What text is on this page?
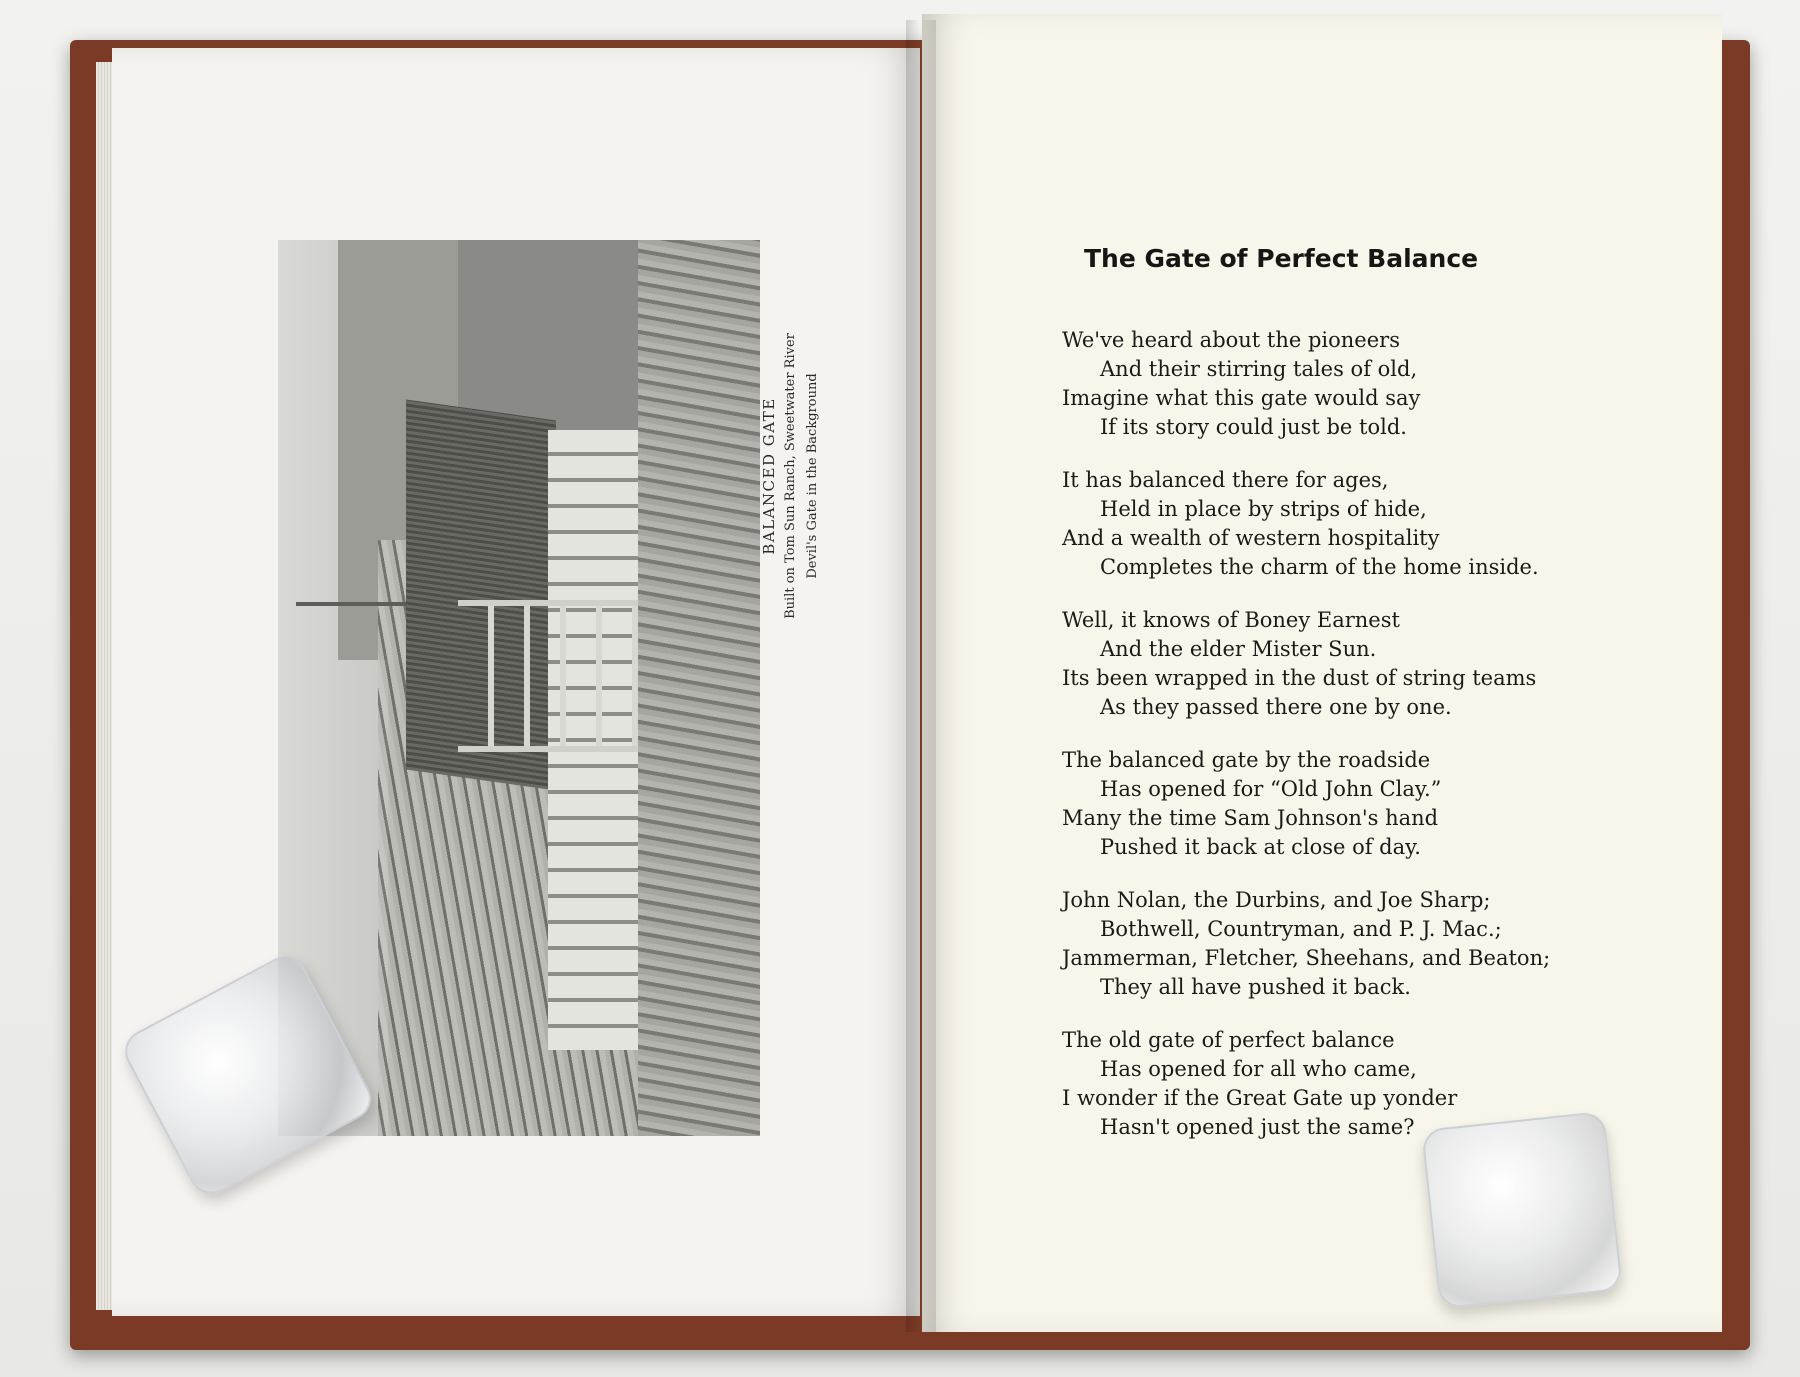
BALANCED GATE Built on Tom Sun Ranch, Sweetwater River Devil's Gate in the Background
The Gate of Perfect Balance
We've heard about the pioneers
And their stirring tales of old,
Imagine what this gate would say
If its story could just be told.
It has balanced there for ages,
Held in place by strips of hide,
And a wealth of western hospitality
Completes the charm of the home inside.
Well, it knows of Boney Earnest
And the elder Mister Sun.
Its been wrapped in the dust of string teams
As they passed there one by one.
The balanced gate by the roadside
Has opened for “Old John Clay.”
Many the time Sam Johnson's hand
Pushed it back at close of day.
John Nolan, the Durbins, and Joe Sharp;
Bothwell, Countryman, and P. J. Mac.;
Jammerman, Fletcher, Sheehans, and Beaton;
They all have pushed it back.
The old gate of perfect balance
Has opened for all who came,
I wonder if the Great Gate up yonder
Hasn't opened just the same?
